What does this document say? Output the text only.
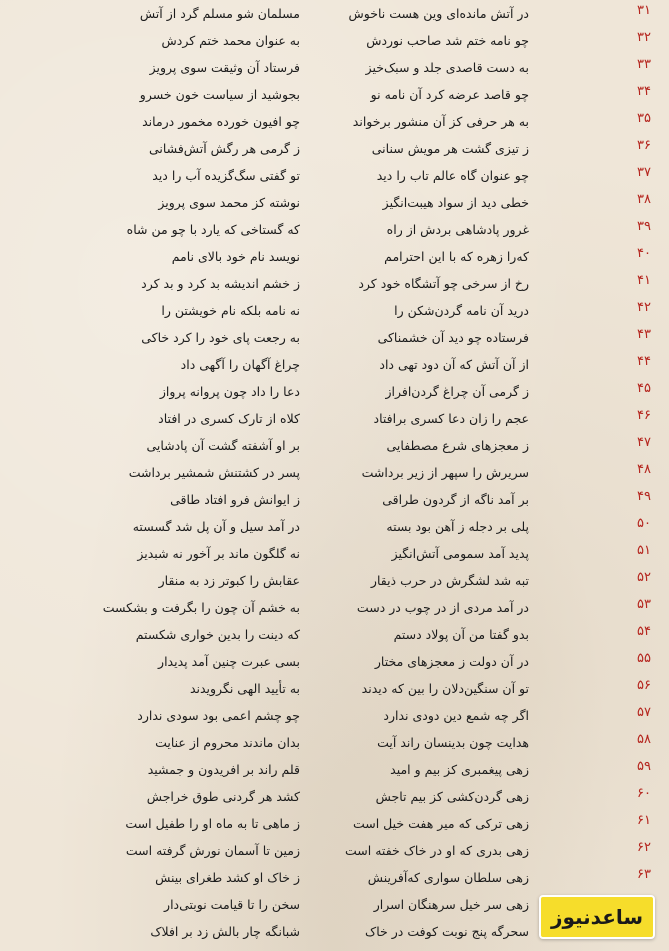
۳۱
در آتش مانده‌ای وین هست ناخوش
مسلمان شو مسلم گرد از آتش
۳۲
چو نامه ختم شد صاحب نوردش
به عنوان محمد ختم کردش
۳۳
به دست قاصدی جلد و سبک‌خیز
فرستاد آن وثیقت سوی پرویز
۳۴
چو قاصد عرضه کرد آن نامه نو
بجوشید از سیاست خون خسرو
۳۵
به هر حرفی کز آن منشور برخواند
چو افیون خورده مخمور درماند
۳۶
ز تیزی گشت هر مویش سنانی
ز گرمی هر رگش آتش‌فشانی
۳۷
چو عنوان گاه عالم تاب را دید
تو گفتی سگ‌گزیده آب را دید
۳۸
خطی دید از سواد هیبت‌انگیز
نوشته کز محمد سوی پرویز
۳۹
غرور پادشاهی بردش از راه
که گستاخی که یارد با چو من شاه
۴۰
که‌را زهره که با این احترامم
نویسد نام خود بالای نامم
۴۱
رخ از سرخی چو آتشگاه خود کرد
ز خشم اندیشه بد کرد و بد کرد
۴۲
درید آن نامه گردن‌شکن را
نه نامه بلکه نام خویشتن را
۴۳
فرستاده چو دید آن خشمناکی
به رجعت پای خود را کرد خاکی
۴۴
از آن آتش که آن دود تهی داد
چراغ آگهان را آگهی داد
۴۵
ز گرمی آن چراغ گردن‌افراز
دعا را داد چون پروانه پرواز
۴۶
عجم را زان دعا کسری برافتاد
کلاه از تارک کسری در افتاد
۴۷
ز معجزهای شرع مصطفایی
بر او آشفته گشت آن پادشایی
۴۸
سریرش را سپهر از زیر برداشت
پسر در کشتنش شمشیر برداشت
۴۹
بر آمد ناگه از گردون طراقی
ز ایوانش فرو افتاد طاقی
۵۰
پلی بر دجله ز آهن بود بسته
در آمد سیل و آن پل شد گسسته
۵۱
پدید آمد سمومی آتش‌انگیز
نه گلگون ماند بر آخور نه شبدیز
۵۲
تبه شد لشگرش در حرب ذیقار
عقابش را کبوتر زد به منقار
۵۳
در آمد مردی از در چوب در دست
به خشم آن چون را بگرفت و بشکست
۵۴
بدو گفتا من آن پولاد دستم
که دینت را بدین خواری شکستم
۵۵
در آن دولت ز معجزهای مختار
بسی عبرت چنین آمد پدیدار
۵۶
تو آن سنگین‌دلان را بین که دیدند
به تأیید الهی نگرویدند
۵۷
اگر چه شمع دین دودی ندارد
چو چشم اعمی بود سودی ندارد
۵۸
هدایت چون بدینسان راند آیت
بدان ماندند محروم از عنایت
۵۹
زهی پیغمبری کز بیم و امید
قلم راند بر افریدون و جمشید
۶۰
زهی گردن‌کشی کز بیم تاجش
کشد هر گردنی طوق خراجش
۶۱
زهی ترکی که میر هفت خیل است
ز ماهی تا به ماه او را طفیل است
۶۲
زهی بدری که او در خاک خفته است
زمین تا آسمان نورش گرفته است
۶۳
زهی سلطان سواری که‌آفرینش
ز خاک او کشد طغرای بینش
زهی سر خیل سرهنگان اسرار
سخن را تا قیامت نوبتی‌دار
سحرگه پنج نوبت کوفت در خاک
شبانگه چار بالش زد بر افلاک
ساعدنیوز
